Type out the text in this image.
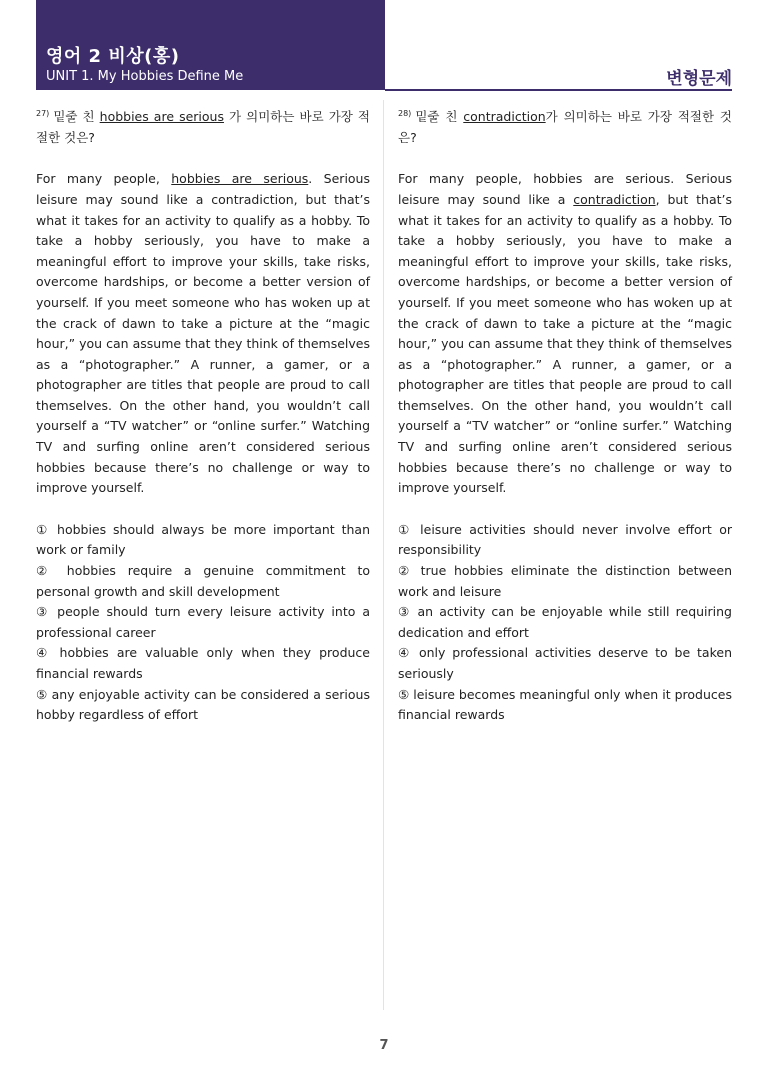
영어 2 비상(홍)
UNIT 1. My Hobbies Define Me	변형문제

$^{27)}$ 밑줄 친 hobbies are serious 가 의미하는 바로 가장 적절한 것은?

For many people, hobbies are serious. Serious leisure may sound like a contradiction, but that’s what it takes for an activity to qualify as a hobby. To take a hobby seriously, you have to make a meaningful effort to improve your skills, take risks, overcome hardships, or become a better version of yourself. If you meet someone who has woken up at the crack of dawn to take a picture at the “magic hour,” you can assume that they think of themselves as a “photographer.” A runner, a gamer, or a photographer are titles that people are proud to call themselves. On the other hand, you wouldn’t call yourself a “TV watcher” or “online surfer.” Watching TV and surfing online aren’t considered serious hobbies because there’s no challenge or way to improve yourself.

① hobbies should always be more important than work or family
② hobbies require a genuine commitment to personal growth and skill development
③ people should turn every leisure activity into a professional career
④ hobbies are valuable only when they produce financial rewards
⑤ any enjoyable activity can be considered a serious hobby regardless of effort

$^{28)}$ 밑줄 친 contradiction가 의미하는 바로 가장 적절한 것은?

For many people, hobbies are serious. Serious leisure may sound like a contradiction, but that’s what it takes for an activity to qualify as a hobby. To take a hobby seriously, you have to make a meaningful effort to improve your skills, take risks, overcome hardships, or become a better version of yourself. If you meet someone who has woken up at the crack of dawn to take a picture at the “magic hour,” you can assume that they think of themselves as a “photographer.” A runner, a gamer, or a photographer are titles that people are proud to call themselves. On the other hand, you wouldn’t call yourself a “TV watcher” or “online surfer.” Watching TV and surfing online aren’t considered serious hobbies because there’s no challenge or way to improve yourself.

① leisure activities should never involve effort or responsibility
② true hobbies eliminate the distinction between work and leisure
③ an activity can be enjoyable while still requiring dedication and effort
④ only professional activities deserve to be taken seriously
⑤ leisure becomes meaningful only when it produces financial rewards
7
